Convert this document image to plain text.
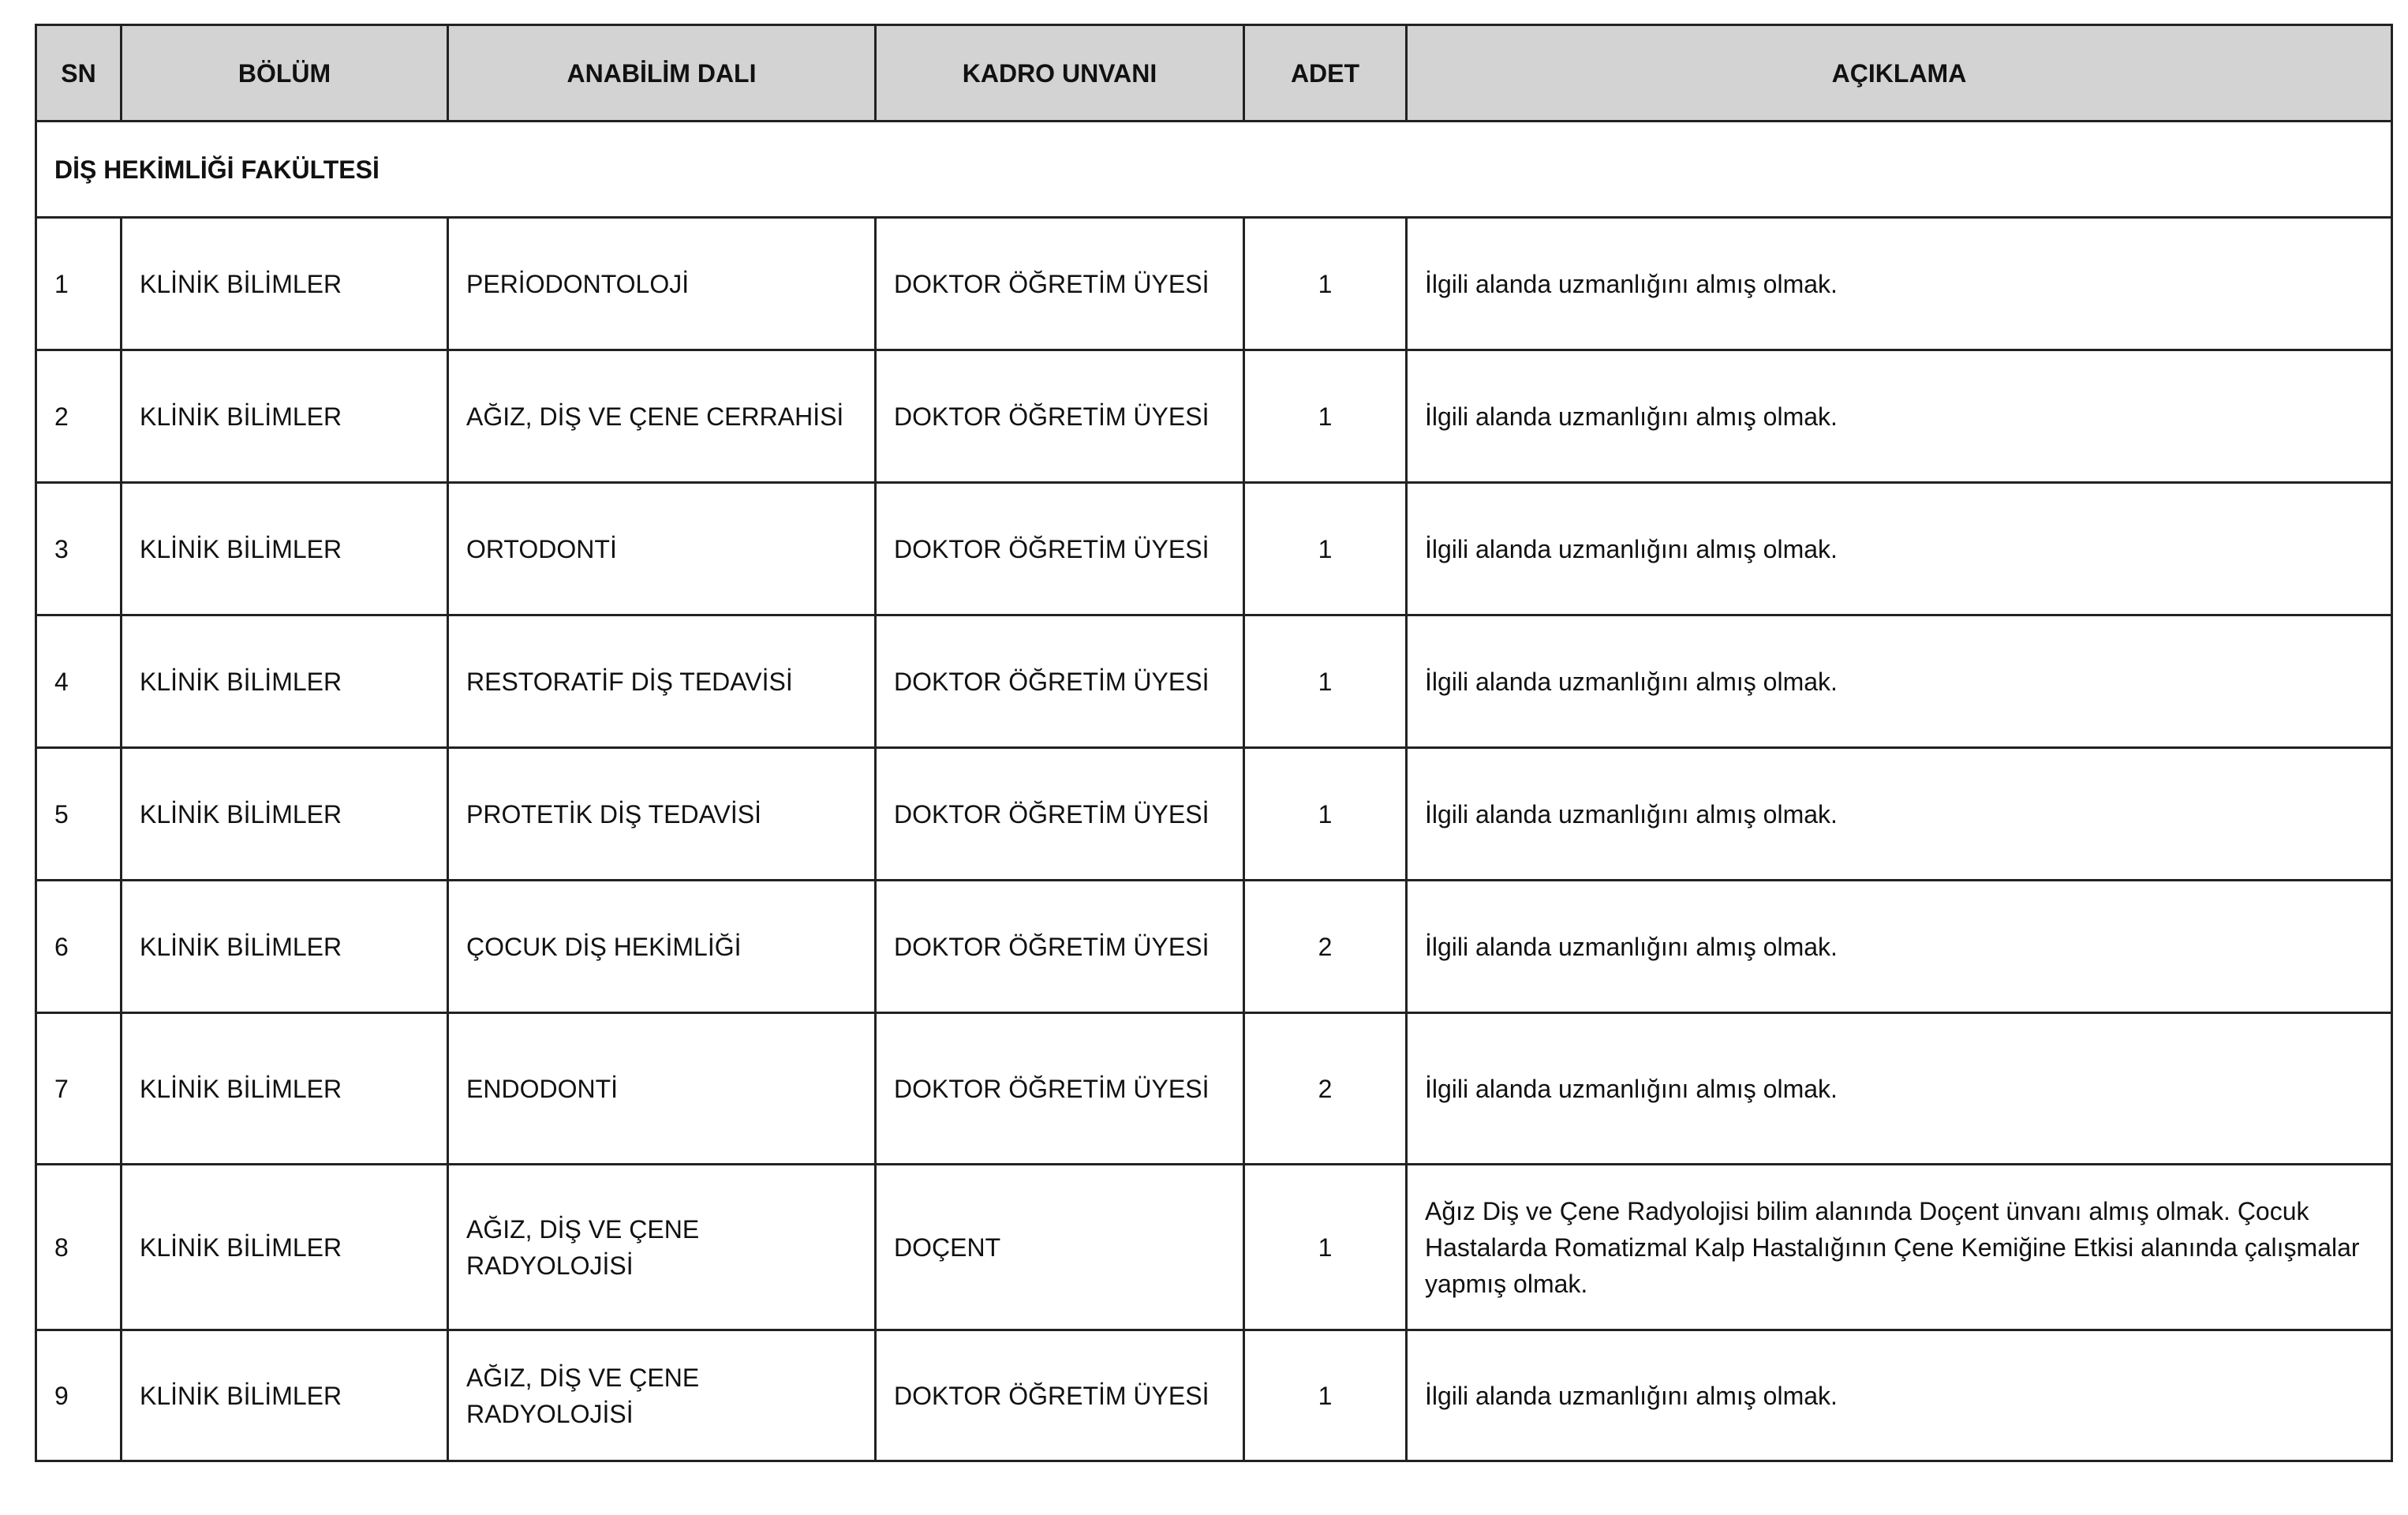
SN	BÖLÜM	ANABİLİM DALI	KADRO UNVANI	ADET	AÇIKLAMA
DİŞ HEKİMLİĞİ FAKÜLTESİ					
1	KLİNİK BİLİMLER	PERİODONTOLOJİ	DOKTOR ÖĞRETİM ÜYESİ	1	İlgili alanda uzmanlığını almış olmak.
2	KLİNİK BİLİMLER	AĞIZ, DİŞ VE ÇENE CERRAHİSİ	DOKTOR ÖĞRETİM ÜYESİ	1	İlgili alanda uzmanlığını almış olmak.
3	KLİNİK BİLİMLER	ORTODONTİ	DOKTOR ÖĞRETİM ÜYESİ	1	İlgili alanda uzmanlığını almış olmak.
4	KLİNİK BİLİMLER	RESTORATİF DİŞ TEDAVİSİ	DOKTOR ÖĞRETİM ÜYESİ	1	İlgili alanda uzmanlığını almış olmak.
5	KLİNİK BİLİMLER	PROTETİK DİŞ TEDAVİSİ	DOKTOR ÖĞRETİM ÜYESİ	1	İlgili alanda uzmanlığını almış olmak.
6	KLİNİK BİLİMLER	ÇOCUK DİŞ HEKİMLİĞİ	DOKTOR ÖĞRETİM ÜYESİ	2	İlgili alanda uzmanlığını almış olmak.
7	KLİNİK BİLİMLER	ENDODONTİ	DOKTOR ÖĞRETİM ÜYESİ	2	İlgili alanda uzmanlığını almış olmak.
8	KLİNİK BİLİMLER	AĞIZ, DİŞ VE ÇENE RADYOLOJİSİ	DOÇENT	1	Ağız Diş ve Çene Radyolojisi bilim alanında Doçent ünvanı almış olmak. Çocuk Hastalarda Romatizmal Kalp Hastalığının Çene Kemiğine Etkisi alanında çalışmalar yapmış olmak.
9	KLİNİK BİLİMLER	AĞIZ, DİŞ VE ÇENE RADYOLOJİSİ	DOKTOR ÖĞRETİM ÜYESİ	1	İlgili alanda uzmanlığını almış olmak.
